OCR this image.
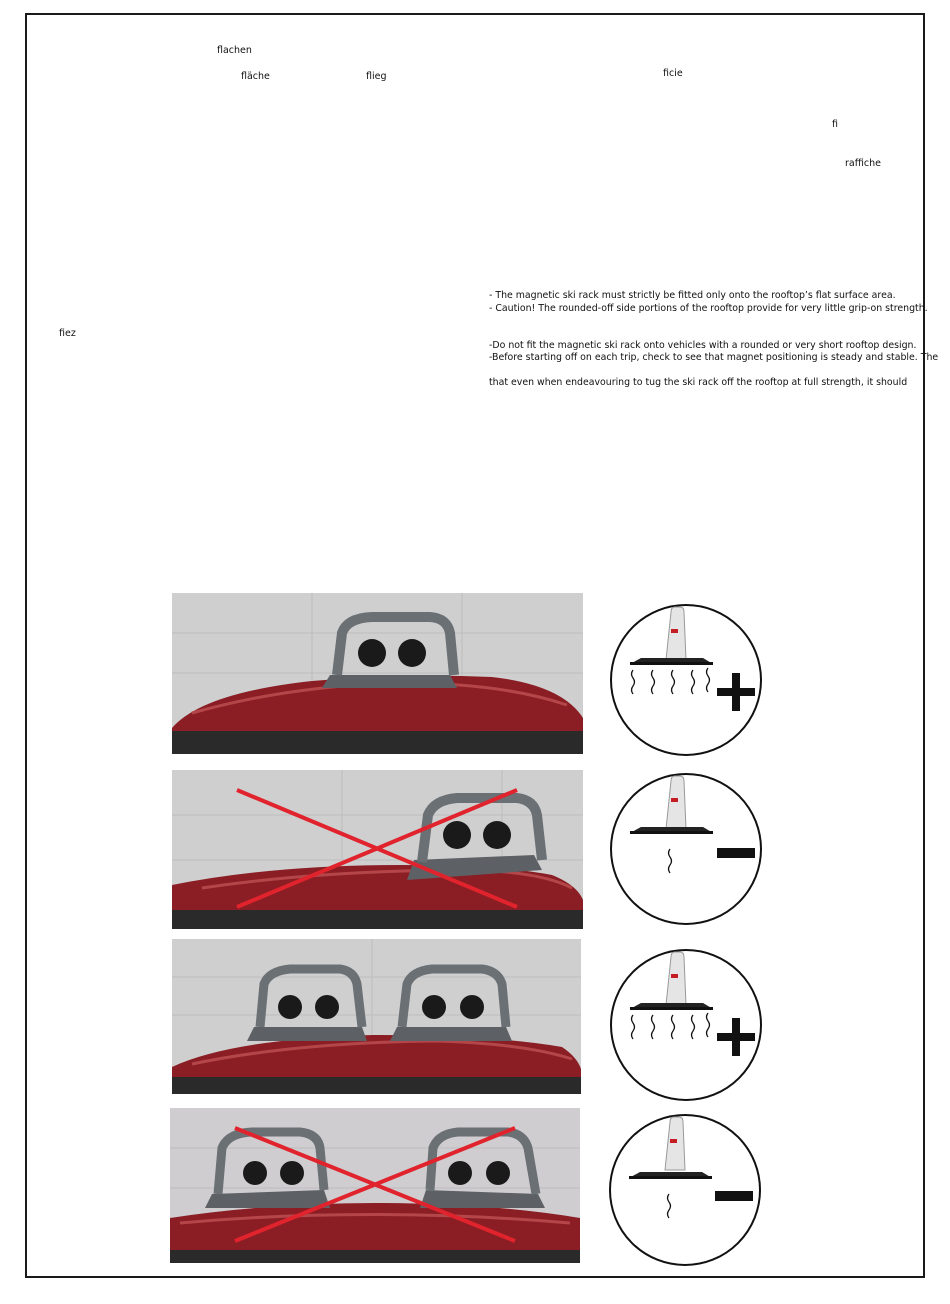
flachen
fläche	flieg	ficie
fi
raffiche
fiez
- The magnetic ski rack must strictly be fitted only onto the rooftop’s flat surface area.
- Caution! The rounded-off side portions of the rooftop provide for very little grip-on strength.
-Do not fit the magnetic ski rack onto vehicles with a rounded or very short rooftop design.
-Before starting off on each trip, check to see that magnet positioning is steady and stable. The
that even when endeavouring to tug the ski rack off the rooftop at full strength, it should
